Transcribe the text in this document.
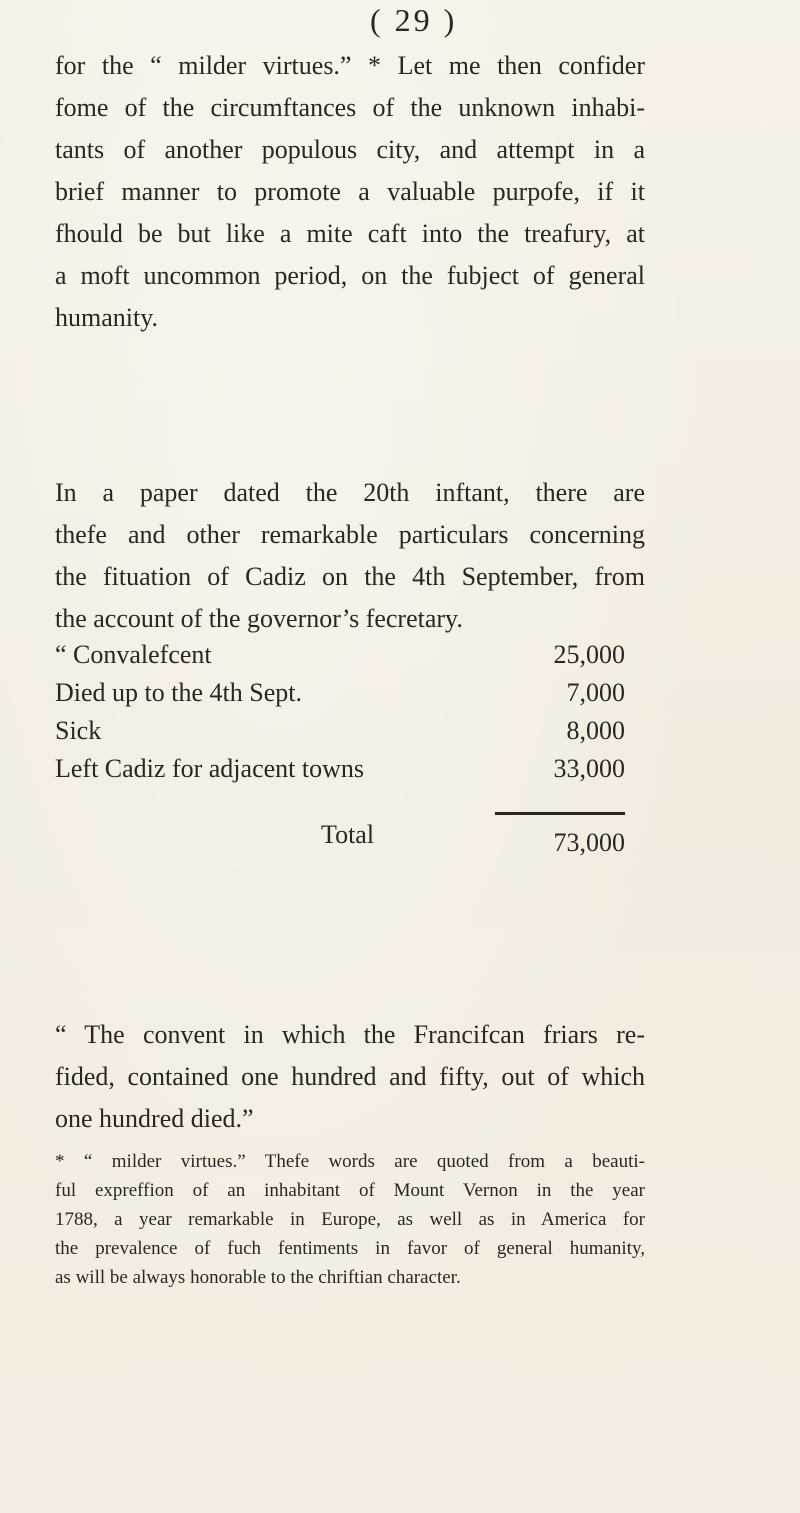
( 29 )

for the “ milder virtues.” * Let me then confider
fome of the circumftances of the unknown inhabi-
tants of another populous city, and attempt in a
brief manner to promote a valuable purpofe, if it
fhould be but like a mite caft into the treafury, at
a moft uncommon period, on the fubject of general
humanity.

In a paper dated the 20th inftant, there are
thefe and other remarkable particulars concerning
the fituation of Cadiz on the 4th September, from
the account of the governor’s fecretary.

“ Convalefcent	25,000
Died up to the 4th Sept.	7,000
Sick	8,000
Left Cadiz for adjacent towns	33,000
Total	73,000

“ The convent in which the Francifcan friars re-
fided, contained one hundred and fifty, out of which
one hundred died.”

* “ milder virtues.” Thefe words are quoted from a beauti-
ful expreffion of an inhabitant of Mount Vernon in the year
1788, a year remarkable in Europe, as well as in America for
the prevalence of fuch fentiments in favor of general humanity,
as will be always honorable to the chriftian character.
